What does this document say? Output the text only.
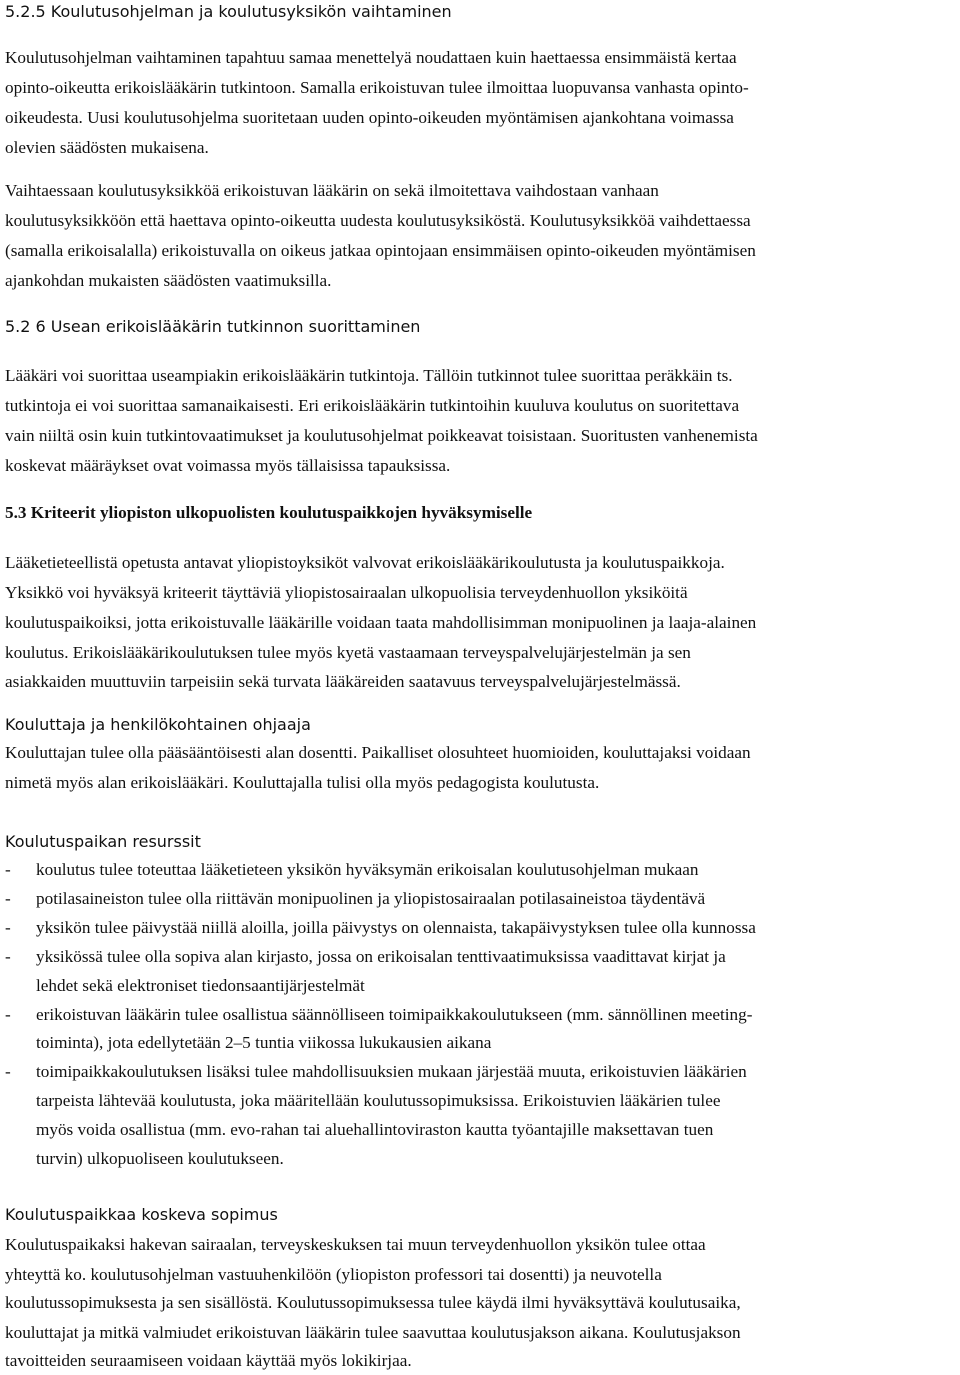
5.2.5 Koulutusohjelman ja koulutusyksikön vaihtaminen
Koulutusohjelman vaihtaminen tapahtuu samaa menettelyä noudattaen kuin haettaessa ensimmäistä kertaa
opinto-oikeutta erikoislääkärin tutkintoon. Samalla erikoistuvan tulee ilmoittaa luopuvansa vanhasta opinto-
oikeudesta. Uusi koulutusohjelma suoritetaan uuden opinto-oikeuden myöntämisen ajankohtana voimassa
olevien säädösten mukaisena.
Vaihtaessaan koulutusyksikköä erikoistuvan lääkärin on sekä ilmoitettava vaihdostaan vanhaan
koulutusyksikköön että haettava opinto-oikeutta uudesta koulutusyksiköstä. Koulutusyksikköä vaihdettaessa
(samalla erikoisalalla) erikoistuvalla on oikeus jatkaa opintojaan ensimmäisen opinto-oikeuden myöntämisen
ajankohdan mukaisten säädösten vaatimuksilla.
5.2 6 Usean erikoislääkärin tutkinnon suorittaminen
Lääkäri voi suorittaa useampiakin erikoislääkärin tutkintoja. Tällöin tutkinnot tulee suorittaa peräkkäin ts.
tutkintoja ei voi suorittaa samanaikaisesti. Eri erikoislääkärin tutkintoihin kuuluva koulutus on suoritettava
vain niiltä osin kuin tutkintovaatimukset ja koulutusohjelmat poikkeavat toisistaan. Suoritusten vanhenemista
koskevat määräykset ovat voimassa myös tällaisissa tapauksissa.
5.3 Kriteerit yliopiston ulkopuolisten koulutuspaikkojen hyväksymiselle
Lääketieteellistä opetusta antavat yliopistoyksiköt valvovat erikoislääkärikoulutusta ja koulutuspaikkoja.
Yksikkö voi hyväksyä kriteerit täyttäviä yliopistosairaalan ulkopuolisia terveydenhuollon yksiköitä
koulutuspaikoiksi, jotta erikoistuvalle lääkärille voidaan taata mahdollisimman monipuolinen ja laaja-alainen
koulutus. Erikoislääkärikoulutuksen tulee myös kyetä vastaamaan terveyspalvelujärjestelmän ja sen
asiakkaiden muuttuviin tarpeisiin sekä turvata lääkäreiden saatavuus terveyspalvelujärjestelmässä.
Kouluttaja ja henkilökohtainen ohjaaja
Kouluttajan tulee olla pääsääntöisesti alan dosentti. Paikalliset olosuhteet huomioiden, kouluttajaksi voidaan
nimetä myös alan erikoislääkäri. Kouluttajalla tulisi olla myös pedagogista koulutusta.
Koulutuspaikan resurssit
- koulutus tulee toteuttaa lääketieteen yksikön hyväksymän erikoisalan koulutusohjelman mukaan
- potilasaineiston tulee olla riittävän monipuolinen ja yliopistosairaalan potilasaineistoa täydentävä
- yksikön tulee päivystää niillä aloilla, joilla päivystys on olennaista, takapäivystyksen tulee olla kunnossa
- yksikössä tulee olla sopiva alan kirjasto, jossa on erikoisalan tenttivaatimuksissa vaadittavat kirjat ja
lehdet sekä elektroniset tiedonsaantijärjestelmät
- erikoistuvan lääkärin tulee osallistua säännölliseen toimipaikkakoulutukseen (mm. sännöllinen meeting-
toiminta), jota edellytetään 2–5 tuntia viikossa lukukausien aikana
- toimipaikkakoulutuksen lisäksi tulee mahdollisuuksien mukaan järjestää muuta, erikoistuvien lääkärien
tarpeista lähtevää koulutusta, joka määritellään koulutussopimuksissa. Erikoistuvien lääkärien tulee
myös voida osallistua (mm. evo-rahan tai aluehallintoviraston kautta työantajille maksettavan tuen
turvin) ulkopuoliseen koulutukseen.
Koulutuspaikkaa koskeva sopimus
Koulutuspaikaksi hakevan sairaalan, terveyskeskuksen tai muun terveydenhuollon yksikön tulee ottaa
yhteyttä ko. koulutusohjelman vastuuhenkilöön (yliopiston professori tai dosentti) ja neuvotella
koulutussopimuksesta ja sen sisällöstä. Koulutussopimuksessa tulee käydä ilmi hyväksyttävä koulutusaika,
kouluttajat ja mitkä valmiudet erikoistuvan lääkärin tulee saavuttaa koulutusjakson aikana. Koulutusjakson
tavoitteiden seuraamiseen voidaan käyttää myös lokikirjaa.
